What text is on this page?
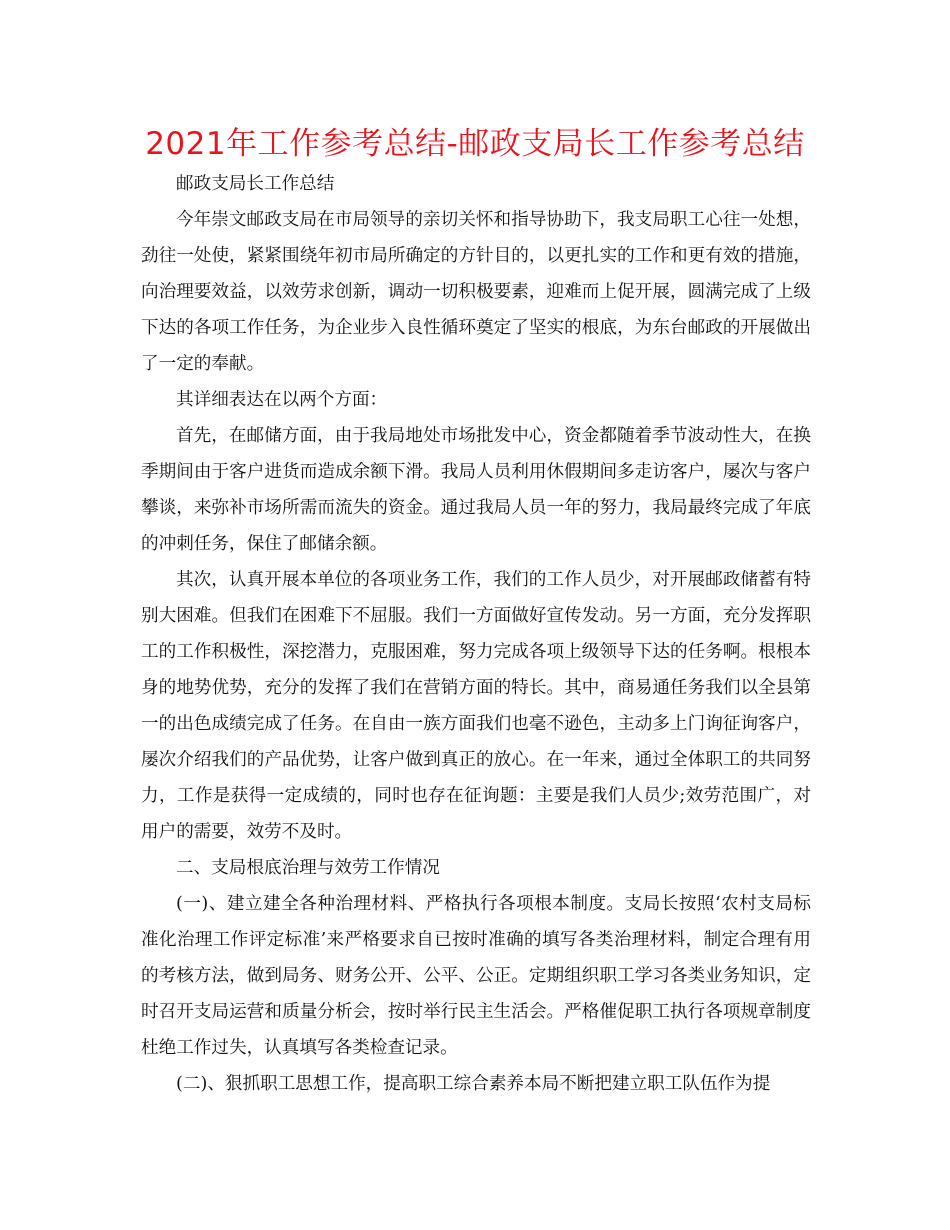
2021年工作参考总结-邮政支局长工作参考总结

邮政支局长工作总结

今年崇文邮政支局在市局领导的亲切关怀和指导协助下，我支局职工心往一处想，劲往一处使，紧紧围绕年初市局所确定的方针目的，以更扎实的工作和更有效的措施，向治理要效益，以效劳求创新，调动一切积极要素，迎难而上促开展，圆满完成了上级下达的各项工作任务，为企业步入良性循环奠定了坚实的根底，为东台邮政的开展做出了一定的奉献。

其详细表达在以两个方面：

首先，在邮储方面，由于我局地处市场批发中心，资金都随着季节波动性大，在换季期间由于客户进货而造成余额下滑。我局人员利用休假期间多走访客户，屡次与客户攀谈，来弥补市场所需而流失的资金。通过我局人员一年的努力，我局最终完成了年底的冲刺任务，保住了邮储余额。

其次，认真开展本单位的各项业务工作，我们的工作人员少，对开展邮政储蓄有特别大困难。但我们在困难下不屈服。我们一方面做好宣传发动。另一方面，充分发挥职工的工作积极性，深挖潜力，克服困难，努力完成各项上级领导下达的任务啊。根根本身的地势优势，充分的发挥了我们在营销方面的特长。其中，商易通任务我们以全县第一的出色成绩完成了任务。在自由一族方面我们也毫不逊色，主动多上门询征询客户，屡次介绍我们的产品优势，让客户做到真正的放心。在一年来，通过全体职工的共同努力，工作是获得一定成绩的，同时也存在征询题：主要是我们人员少;效劳范围广，对用户的需要，效劳不及时。

二、支局根底治理与效劳工作情况

(一)、建立建全各种治理材料、严格执行各项根本制度。支局长按照‘农村支局标准化治理工作评定标准’来严格要求自已按时准确的填写各类治理材料，制定合理有用的考核方法，做到局务、财务公开、公平、公正。定期组织职工学习各类业务知识，定时召开支局运营和质量分析会，按时举行民主生活会。严格催促职工执行各项规章制度杜绝工作过失，认真填写各类检查记录。

(二)、狠抓职工思想工作，提高职工综合素养本局不断把建立职工队伍作为提
